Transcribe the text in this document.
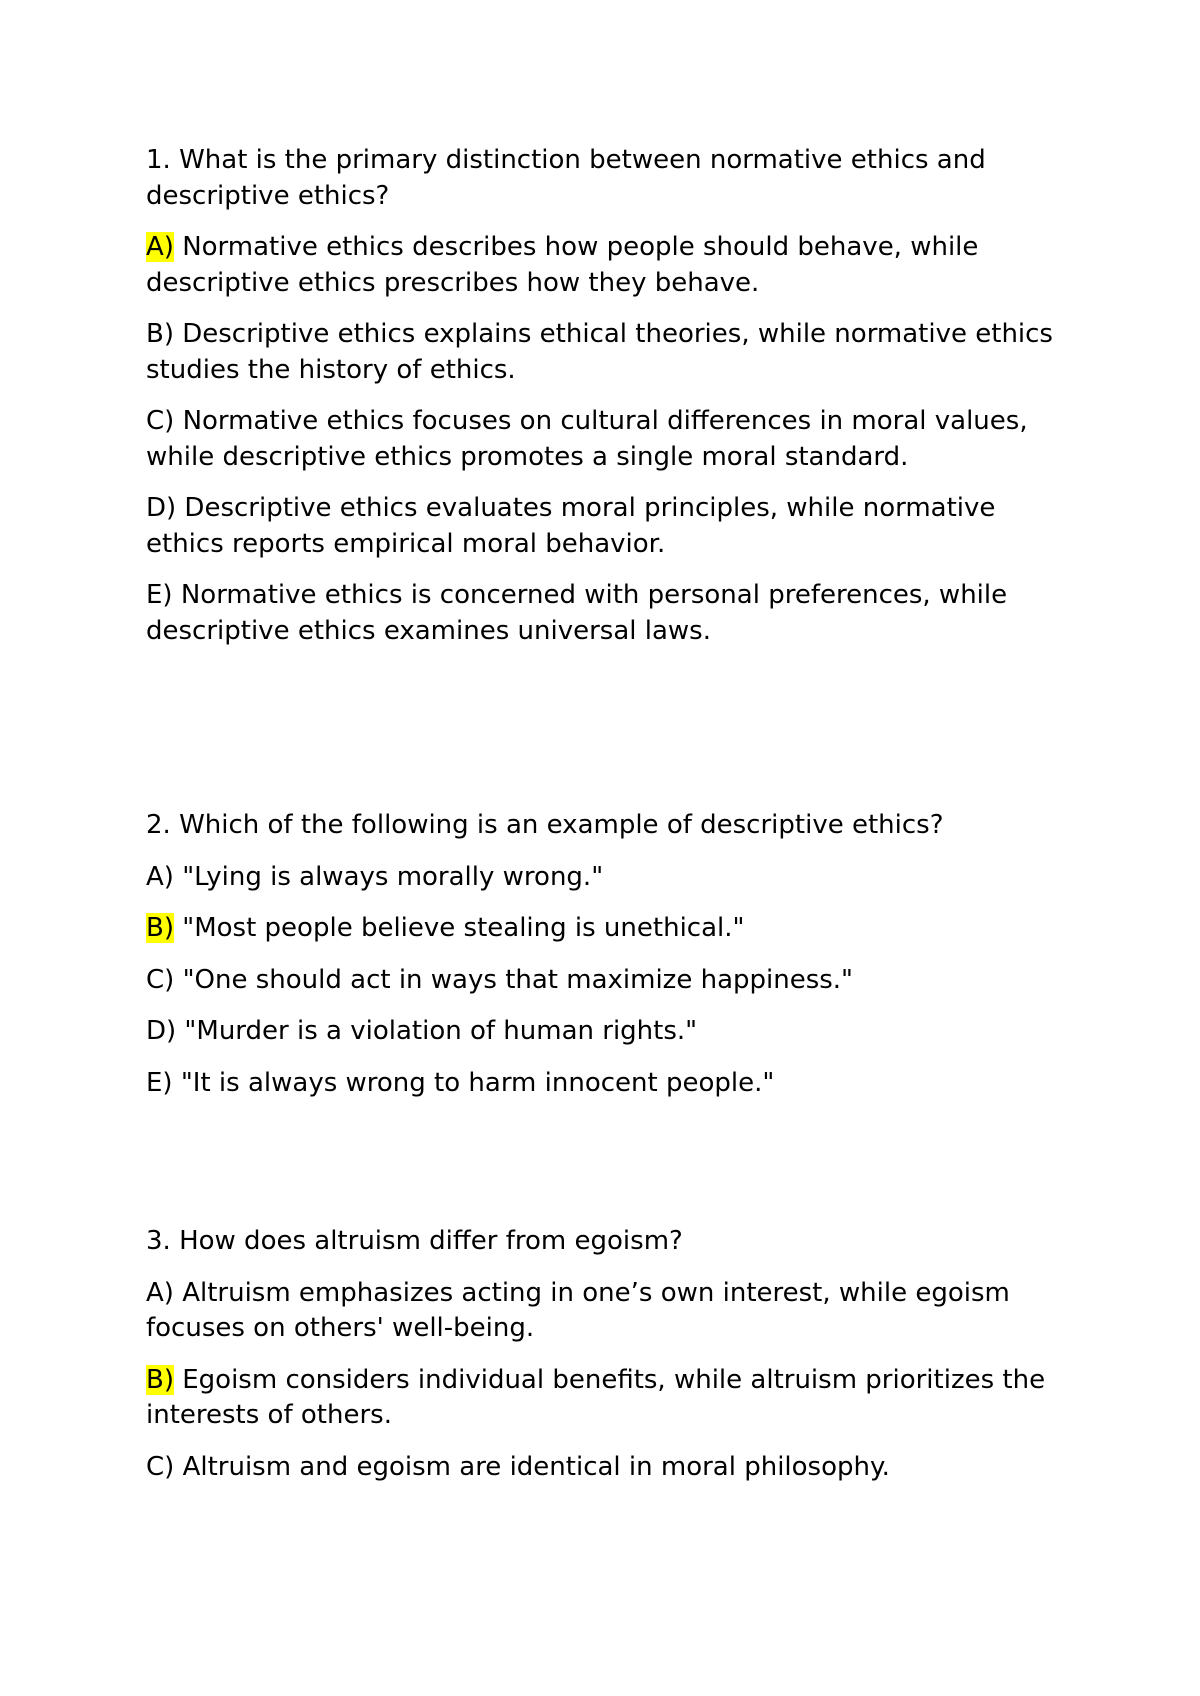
1. What is the primary distinction between normative ethics and descriptive ethics?

A) Normative ethics describes how people should behave, while descriptive ethics prescribes how they behave.

B) Descriptive ethics explains ethical theories, while normative ethics studies the history of ethics.

C) Normative ethics focuses on cultural differences in moral values, while descriptive ethics promotes a single moral standard.

D) Descriptive ethics evaluates moral principles, while normative ethics reports empirical moral behavior.

E) Normative ethics is concerned with personal preferences, while descriptive ethics examines universal laws.

2. Which of the following is an example of descriptive ethics?

A) "Lying is always morally wrong."

B) "Most people believe stealing is unethical."

C) "One should act in ways that maximize happiness."

D) "Murder is a violation of human rights."

E) "It is always wrong to harm innocent people."

3. How does altruism differ from egoism?

A) Altruism emphasizes acting in one’s own interest, while egoism focuses on others' well-being.

B) Egoism considers individual benefits, while altruism prioritizes the interests of others.

C) Altruism and egoism are identical in moral philosophy.
